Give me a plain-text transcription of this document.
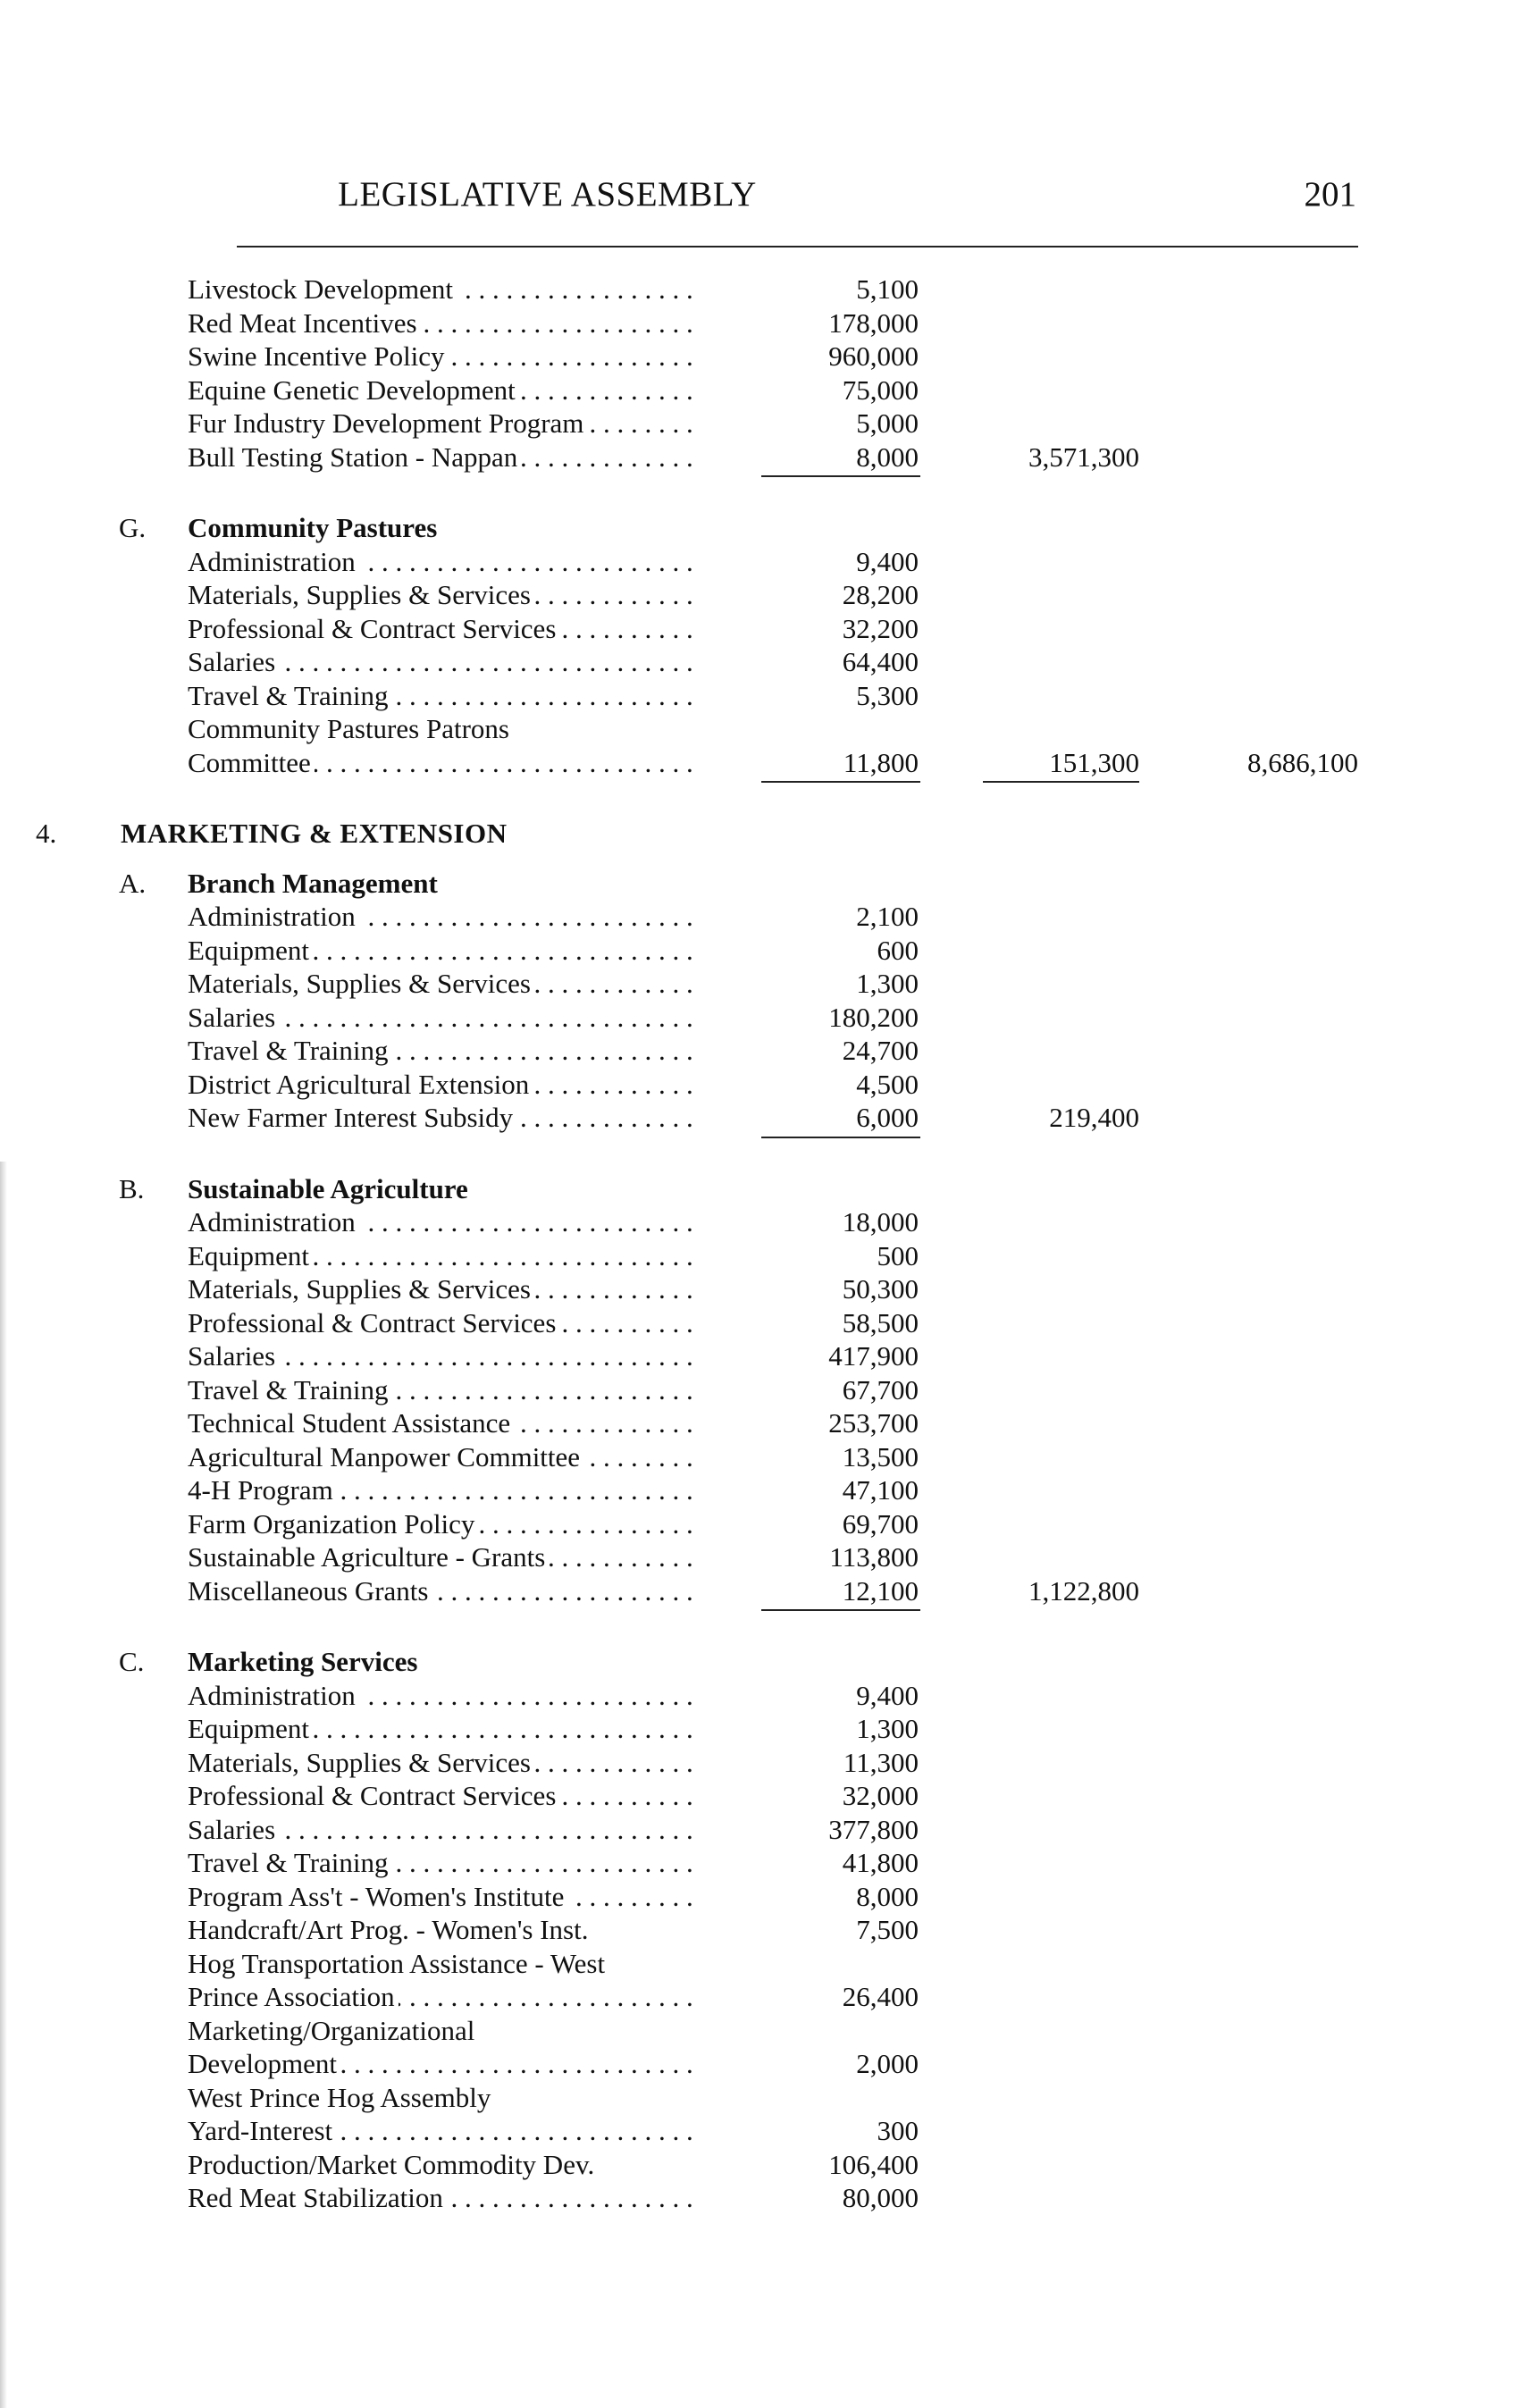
LEGISLATIVE ASSEMBLY	201
Livestock Development . . .	5,100
Red Meat Incentives . . .	178,000
Swine Incentive Policy . . .	960,000
Equine Genetic Development . . .	75,000
Fur Industry Development Program . . .	5,000
Bull Testing Station - Nappan . . .	8,000	3,571,300
G. Community Pastures
Administration . . .	9,400
Materials, Supplies & Services . . .	28,200
Professional & Contract Services . . .	32,200
Salaries . . .	64,400
Travel & Training . . .	5,300
Community Pastures Patrons
Committee . . .	11,800	151,300	8,686,100
4. MARKETING & EXTENSION
A. Branch Management
Administration . . .	2,100
Equipment . . .	600
Materials, Supplies & Services . . .	1,300
Salaries . . .	180,200
Travel & Training . . .	24,700
District Agricultural Extension . . .	4,500
New Farmer Interest Subsidy . . .	6,000	219,400
B. Sustainable Agriculture
Administration . . .	18,000
Equipment . . .	500
Materials, Supplies & Services . . .	50,300
Professional & Contract Services . . .	58,500
Salaries . . .	417,900
Travel & Training . . .	67,700
Technical Student Assistance . . .	253,700
Agricultural Manpower Committee . . .	13,500
4-H Program . . .	47,100
Farm Organization Policy . . .	69,700
Sustainable Agriculture - Grants . . .	113,800
Miscellaneous Grants . . .	12,100	1,122,800
C. Marketing Services
Administration . . .	9,400
Equipment . . .	1,300
Materials, Supplies & Services . . .	11,300
Professional & Contract Services . . .	32,000
Salaries . . .	377,800
Travel & Training . . .	41,800
Program Ass't - Women's Institute . . .	8,000
Handcraft/Art Prog. - Women's Inst.	7,500
Hog Transportation Assistance - West
Prince Association . . .	26,400
Marketing/Organizational
Development . . .	2,000
West Prince Hog Assembly
Yard-Interest . . .	300
Production/Market Commodity Dev.	106,400
Red Meat Stabilization . . .	80,000
